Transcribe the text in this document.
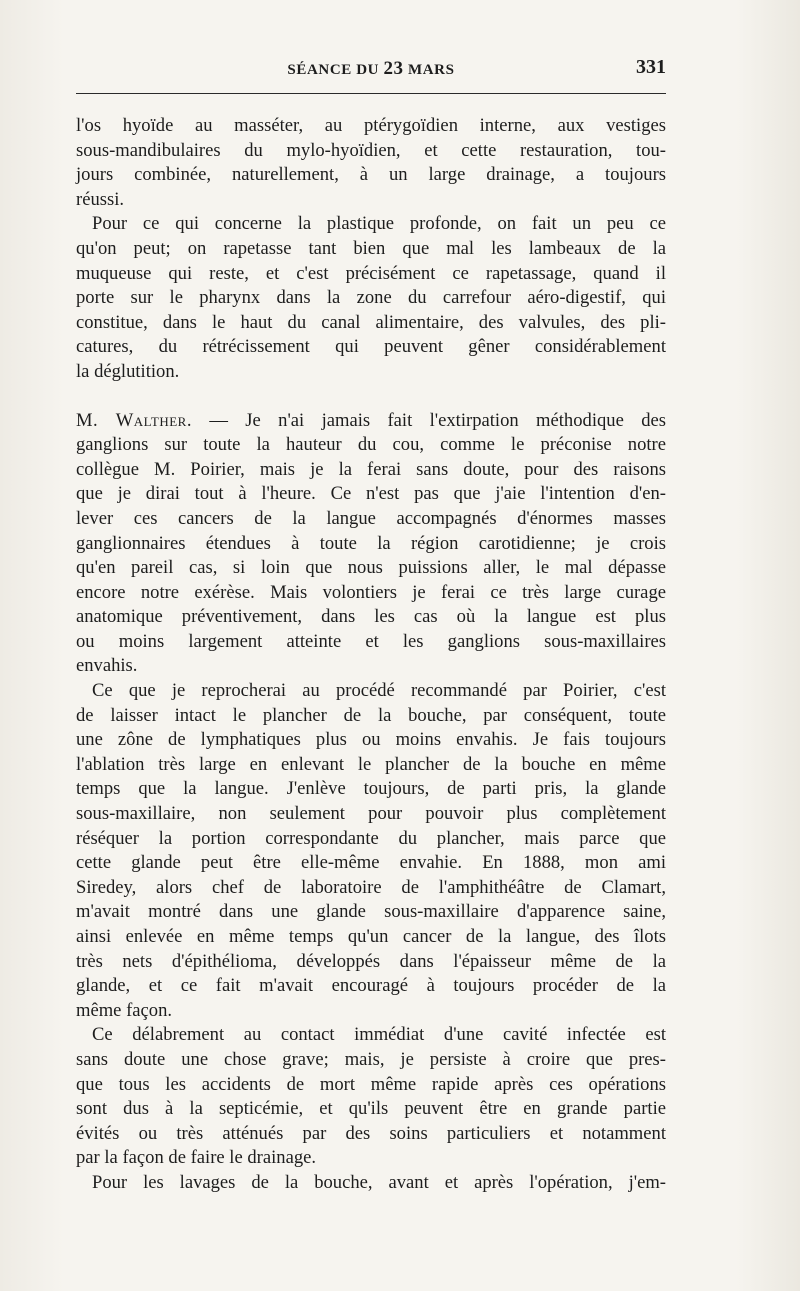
SÉANCE DU 23 MARS	331

l'os hyoïde au masséter, au ptérygoïdien interne, aux vestiges
sous-mandibulaires du mylo-hyoïdien, et cette restauration, tou-
jours combinée, naturellement, à un large drainage, a toujours
réussi.

Pour ce qui concerne la plastique profonde, on fait un peu ce

qu'on peut; on rapetasse tant bien que mal les lambeaux de la
muqueuse qui reste, et c'est précisément ce rapetassage, quand il
porte sur le pharynx dans la zone du carrefour aéro-digestif, qui
constitue, dans le haut du canal alimentaire, des valvules, des pli-
catures, du rétrécissement qui peuvent gêner considérablement
la déglutition.

M. Walther. — Je n'ai jamais fait l'extirpation méthodique des
ganglions sur toute la hauteur du cou, comme le préconise notre
collègue M. Poirier, mais je la ferai sans doute, pour des raisons
que je dirai tout à l'heure. Ce n'est pas que j'aie l'intention d'en-
lever ces cancers de la langue accompagnés d'énormes masses
ganglionnaires étendues à toute la région carotidienne; je crois
qu'en pareil cas, si loin que nous puissions aller, le mal dépasse
encore notre exérèse. Mais volontiers je ferai ce très large curage
anatomique préventivement, dans les cas où la langue est plus
ou moins largement atteinte et les ganglions sous-maxillaires
envahis.

Ce que je reprocherai au procédé recommandé par Poirier, c'est

de laisser intact le plancher de la bouche, par conséquent, toute
une zône de lymphatiques plus ou moins envahis. Je fais toujours
l'ablation très large en enlevant le plancher de la bouche en même
temps que la langue. J'enlève toujours, de parti pris, la glande
sous-maxillaire, non seulement pour pouvoir plus complètement
réséquer la portion correspondante du plancher, mais parce que
cette glande peut être elle-même envahie. En 1888, mon ami
Siredey, alors chef de laboratoire de l'amphithéâtre de Clamart,
m'avait montré dans une glande sous-maxillaire d'apparence saine,
ainsi enlevée en même temps qu'un cancer de la langue, des îlots
très nets d'épithélioma, développés dans l'épaisseur même de la
glande, et ce fait m'avait encouragé à toujours procéder de la
même façon.

Ce délabrement au contact immédiat d'une cavité infectée est

sans doute une chose grave; mais, je persiste à croire que pres-
que tous les accidents de mort même rapide après ces opérations
sont dus à la septicémie, et qu'ils peuvent être en grande partie
évités ou très atténués par des soins particuliers et notamment
par la façon de faire le drainage.

Pour les lavages de la bouche, avant et après l'opération, j'em-
